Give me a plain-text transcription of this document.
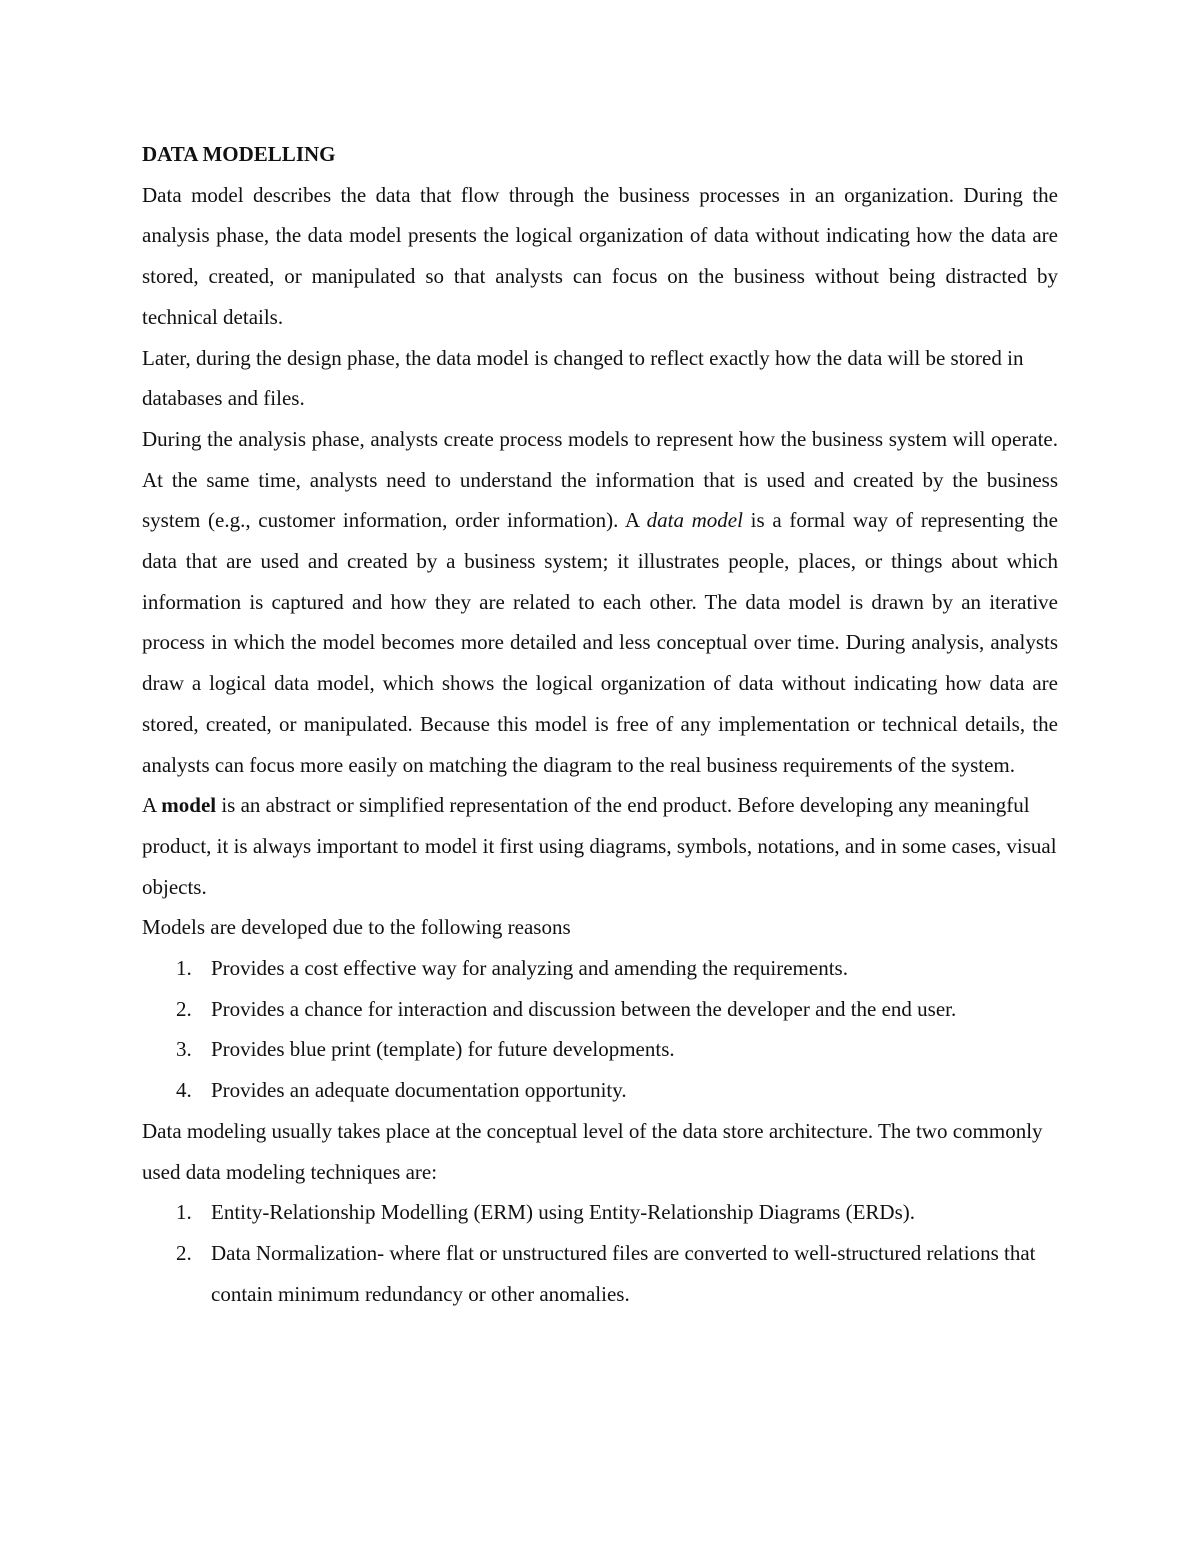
DATA MODELLING

Data model describes the data that flow through the business processes in an organization. During the analysis phase, the data model presents the logical organization of data without indicating how the data are stored, created, or manipulated so that analysts can focus on the business without being distracted by technical details.

Later, during the design phase, the data model is changed to reflect exactly how the data will be stored in databases and files.

During the analysis phase, analysts create process models to represent how the business system will operate. At the same time, analysts need to understand the information that is used and created by the business system (e.g., customer information, order information). A data model is a formal way of representing the data that are used and created by a business system; it illustrates people, places, or things about which information is captured and how they are related to each other. The data model is drawn by an iterative process in which the model becomes more detailed and less conceptual over time. During analysis, analysts draw a logical data model, which shows the logical organization of data without indicating how data are stored, created, or manipulated. Because this model is free of any implementation or technical details, the analysts can focus more easily on matching the diagram to the real business requirements of the system.

A model is an abstract or simplified representation of the end product. Before developing any meaningful product, it is always important to model it first using diagrams, symbols, notations, and in some cases, visual objects.

Models are developed due to the following reasons

1. Provides a cost effective way for analyzing and amending the requirements.
2. Provides a chance for interaction and discussion between the developer and the end user.
3. Provides blue print (template) for future developments.
4. Provides an adequate documentation opportunity.

Data modeling usually takes place at the conceptual level of the data store architecture. The two commonly used data modeling techniques are:

1. Entity-Relationship Modelling (ERM) using Entity-Relationship Diagrams (ERDs).
2. Data Normalization- where flat or unstructured files are converted to well-structured relations that contain minimum redundancy or other anomalies.
